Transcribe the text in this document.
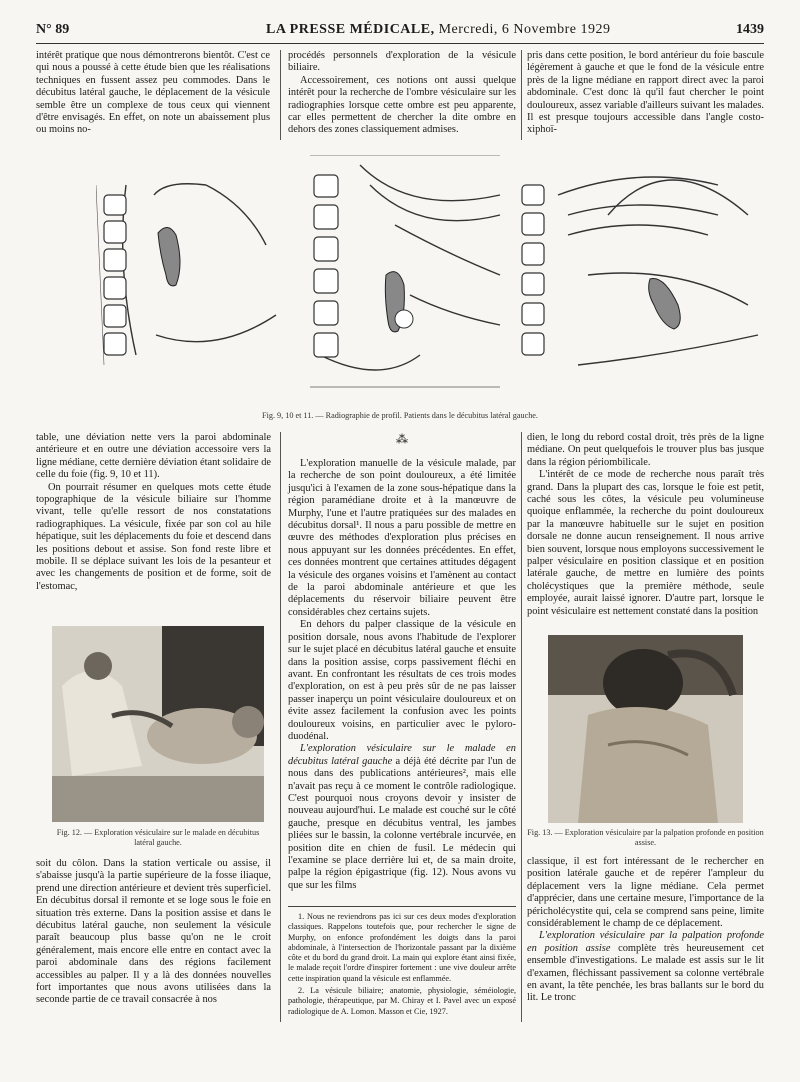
N° 89	LA PRESSE MÉDICALE, Mercredi, 6 Novembre 1929	1439

intérêt pratique que nous démontrerons bientôt. C'est ce qui nous a poussé à cette étude bien que les réalisations techniques en fussent assez peu commodes. Dans le décubitus latéral gauche, le déplacement de la vésicule semble être un complexe de tous ceux qui viennent d'être envisagés. En effet, on note un abaissement plus ou moins no-

procédés personnels d'exploration de la vésicule biliaire.

Accessoirement, ces notions ont aussi quelque intérêt pour la recherche de l'ombre vésiculaire sur les radiographies lorsque cette ombre est peu apparente, car elles permettent de chercher la dite ombre en dehors des zones classiquement admises.

pris dans cette position, le bord antérieur du foie bascule légèrement à gauche et que le fond de la vésicule entre près de la ligne médiane en rapport direct avec la paroi abdominale. C'est donc là qu'il faut chercher le point douloureux, assez variable d'ailleurs suivant les malades. Il est presque toujours accessible dans l'angle costo-xiphoï-

Fig. 9, 10 et 11. — Radiographie de profil. Patients dans le décubitus latéral gauche.

table, une déviation nette vers la paroi abdominale antérieure et en outre une déviation accessoire vers la ligne médiane, cette dernière déviation étant solidaire de celle du foie (fig. 9, 10 et 11).

On pourrait résumer en quelques mots cette étude topographique de la vésicule biliaire sur l'homme vivant, telle qu'elle ressort de nos constatations radiographiques. La vésicule, fixée par son col au hile hépatique, suit les déplacements du foie et descend dans les positions debout et assise. Son fond reste libre et mobile. Il se déplace suivant les lois de la pesanteur et avec les changements de position et de forme, soit de l'estomac,

Fig. 12. — Exploration vésiculaire sur le malade en décubitus latéral gauche.

soit du côlon. Dans la station verticale ou assise, il s'abaisse jusqu'à la partie supérieure de la fosse iliaque, prend une direction antérieure et devient très superficiel. En décubitus dorsal il remonte et se loge sous le foie en situation très externe. Dans la position assise et dans le décubitus latéral gauche, non seulement la vésicule paraît beaucoup plus basse qu'on ne le croit généralement, mais encore elle entre en contact avec la paroi abdominale dans des régions facilement accessibles au palper. Il y a là des données nouvelles fort importantes que nous avons utilisées dans la seconde partie de ce travail consacrée à nos

⁂

L'exploration manuelle de la vésicule malade, par la recherche de son point douloureux, a été limitée jusqu'ici à l'examen de la zone sous-hépatique dans la région paramédiane droite et à la manœuvre de Murphy, l'une et l'autre pratiquées sur des malades en décubitus dorsal¹. Il nous a paru possible de mettre en œuvre des méthodes d'exploration plus précises en nous appuyant sur les données précédentes. En effet, ces données montrent que certaines attitudes dégagent la vésicule des organes voisins et l'amènent au contact de la paroi abdominale antérieure et que les déplacements du réservoir biliaire peuvent être considérables chez certains sujets.

En dehors du palper classique de la vésicule en position dorsale, nous avons l'habitude de l'explorer sur le sujet placé en décubitus latéral gauche et ensuite dans la position assise, corps passivement fléchi en avant. En confrontant les résultats de ces trois modes d'exploration, on est à peu près sûr de ne pas laisser passer inaperçu un point vésiculaire douloureux et on évite assez facilement la confusion avec les points douloureux voisins, en particulier avec le pyloro-duodénal.

L'exploration vésiculaire sur le malade en décubitus latéral gauche a déjà été décrite par l'un de nous dans des publications antérieures², mais elle n'avait pas reçu à ce moment le contrôle radiologique. C'est pourquoi nous croyons devoir y insister de nouveau aujourd'hui. Le malade est couché sur le côté gauche, presque en décubitus ventral, les jambes pliées sur le bassin, la colonne vertébrale incurvée, en position dite en chien de fusil. Le médecin qui l'examine se place derrière lui et, de sa main droite, palpe la région épigastrique (fig. 12). Nous avons vu que sur les films

1. Nous ne reviendrons pas ici sur ces deux modes d'exploration classiques. Rappelons toutefois que, pour rechercher le signe de Murphy, on enfonce profondément les doigts dans la paroi abdominale, à l'intersection de l'horizontale passant par la dixième côte et du bord du grand droit. La main qui explore étant ainsi fixée, le malade reçoit l'ordre d'inspirer fortement : une vive douleur arrête cette inspiration quand la vésicule est enflammée.

2. La vésicule biliaire; anatomie, physiologie, séméiologie, pathologie, thérapeutique, par M. Chiray et I. Pavel avec un exposé radiologique de A. Lomon. Masson et Cie, 1927.

dien, le long du rebord costal droit, très près de la ligne médiane. On peut quelquefois le trouver plus bas jusque dans la région périombilicale.

L'intérêt de ce mode de recherche nous paraît très grand. Dans la plupart des cas, lorsque le foie est petit, caché sous les côtes, la vésicule peu volumineuse quoique enflammée, la recherche du point douloureux par la manœuvre habituelle sur le sujet en position dorsale ne donne aucun renseignement. Il nous arrive bien souvent, lorsque nous employons successivement le palper vésiculaire en position classique et en position latérale gauche, de mettre en lumière des points cholécystiques que la première méthode, seule employée, aurait laissé ignorer. D'autre part, lorsque le point vésiculaire est nettement constaté dans la position

Fig. 13. — Exploration vésiculaire par la palpation profonde en position assise.

classique, il est fort intéressant de le rechercher en position latérale gauche et de repérer l'ampleur du déplacement vers la ligne médiane. Cela permet d'apprécier, dans une certaine mesure, l'importance de la péricholécystite qui, cela se comprend sans peine, limite considérablement le champ de ce déplacement.

L'exploration vésiculaire par la palpation profonde en position assise complète très heureusement cet ensemble d'investigations. Le malade est assis sur le lit d'examen, fléchissant passivement sa colonne vertébrale en avant, la tête penchée, les bras ballants sur le bord du lit. Le tronc
